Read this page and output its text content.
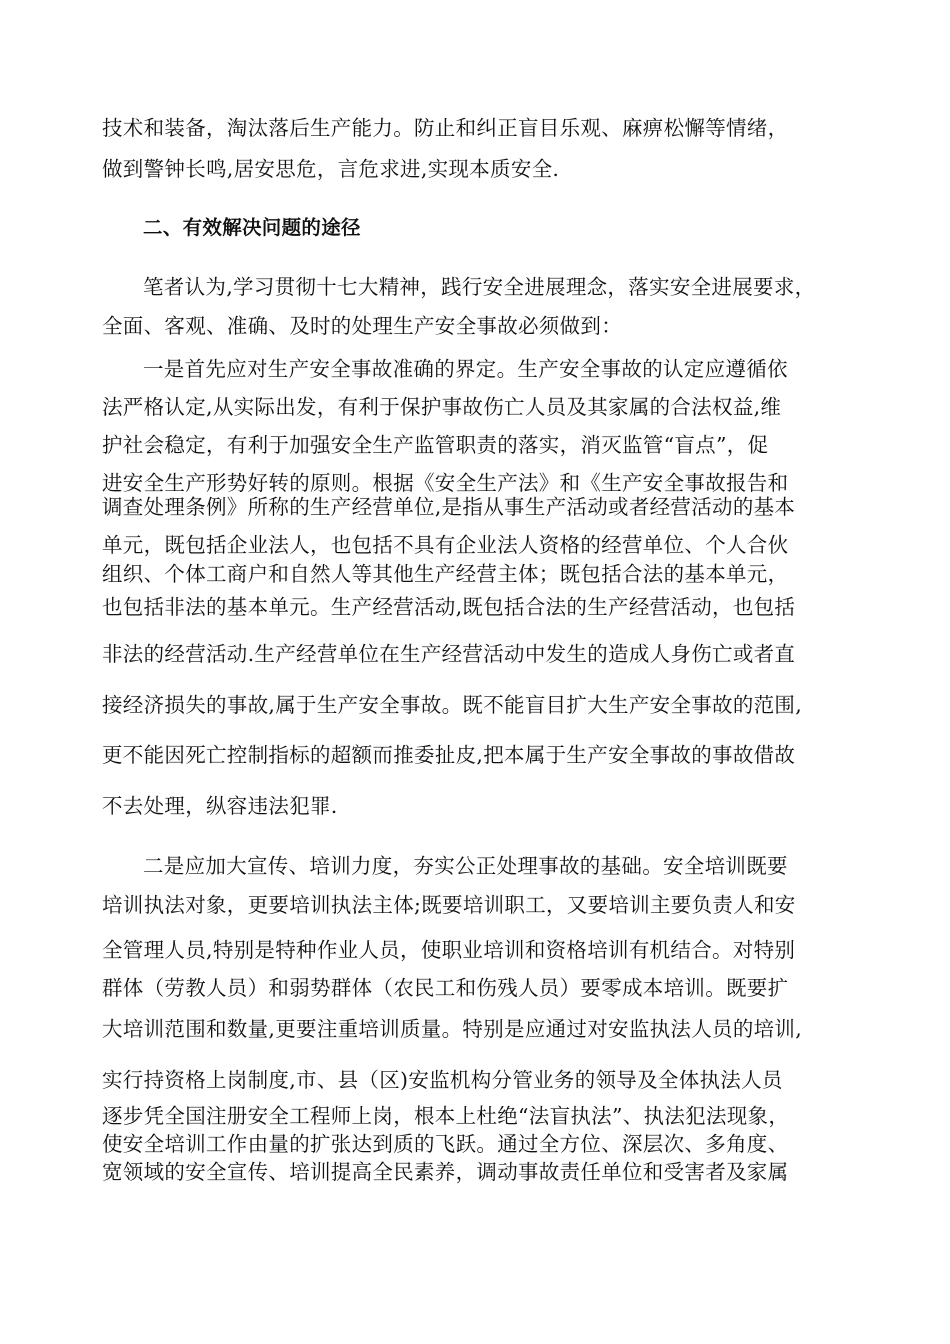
技术和装备，淘汰落后生产能力。防止和纠正盲目乐观、麻痹松懈等情绪，
做到警钟长鸣,居安思危，言危求进,实现本质安全.
二、有效解决问题的途径
笔者认为,学习贯彻十七大精神，践行安全进展理念，落实安全进展要求，
全面、客观、准确、及时的处理生产安全事故必须做到：
一是首先应对生产安全事故准确的界定。生产安全事故的认定应遵循依
法严格认定,从实际出发，有利于保护事故伤亡人员及其家属的合法权益,维
护社会稳定，有利于加强安全生产监管职责的落实，消灭监管“盲点”，促
进安全生产形势好转的原则。根据《安全生产法》和《生产安全事故报告和
调查处理条例》所称的生产经营单位,是指从事生产活动或者经营活动的基本
单元，既包括企业法人，也包括不具有企业法人资格的经营单位、个人合伙
组织、个体工商户和自然人等其他生产经营主体；既包括合法的基本单元，
也包括非法的基本单元。生产经营活动,既包括合法的生产经营活动，也包括
非法的经营活动.生产经营单位在生产经营活动中发生的造成人身伤亡或者直
接经济损失的事故,属于生产安全事故。既不能盲目扩大生产安全事故的范围,
更不能因死亡控制指标的超额而推委扯皮,把本属于生产安全事故的事故借故
不去处理，纵容违法犯罪.
二是应加大宣传、培训力度，夯实公正处理事故的基础。安全培训既要
培训执法对象，更要培训执法主体;既要培训职工，又要培训主要负责人和安
全管理人员,特别是特种作业人员，使职业培训和资格培训有机结合。对特别
群体（劳教人员）和弱势群体（农民工和伤残人员）要零成本培训。既要扩
大培训范围和数量,更要注重培训质量。特别是应通过对安监执法人员的培训,
实行持资格上岗制度,市、县（区)安监机构分管业务的领导及全体执法人员
逐步凭全国注册安全工程师上岗，根本上杜绝“法盲执法”、执法犯法现象，
使安全培训工作由量的扩张达到质的飞跃。通过全方位、深层次、多角度、
宽领域的安全宣传、培训提高全民素养，调动事故责任单位和受害者及家属
